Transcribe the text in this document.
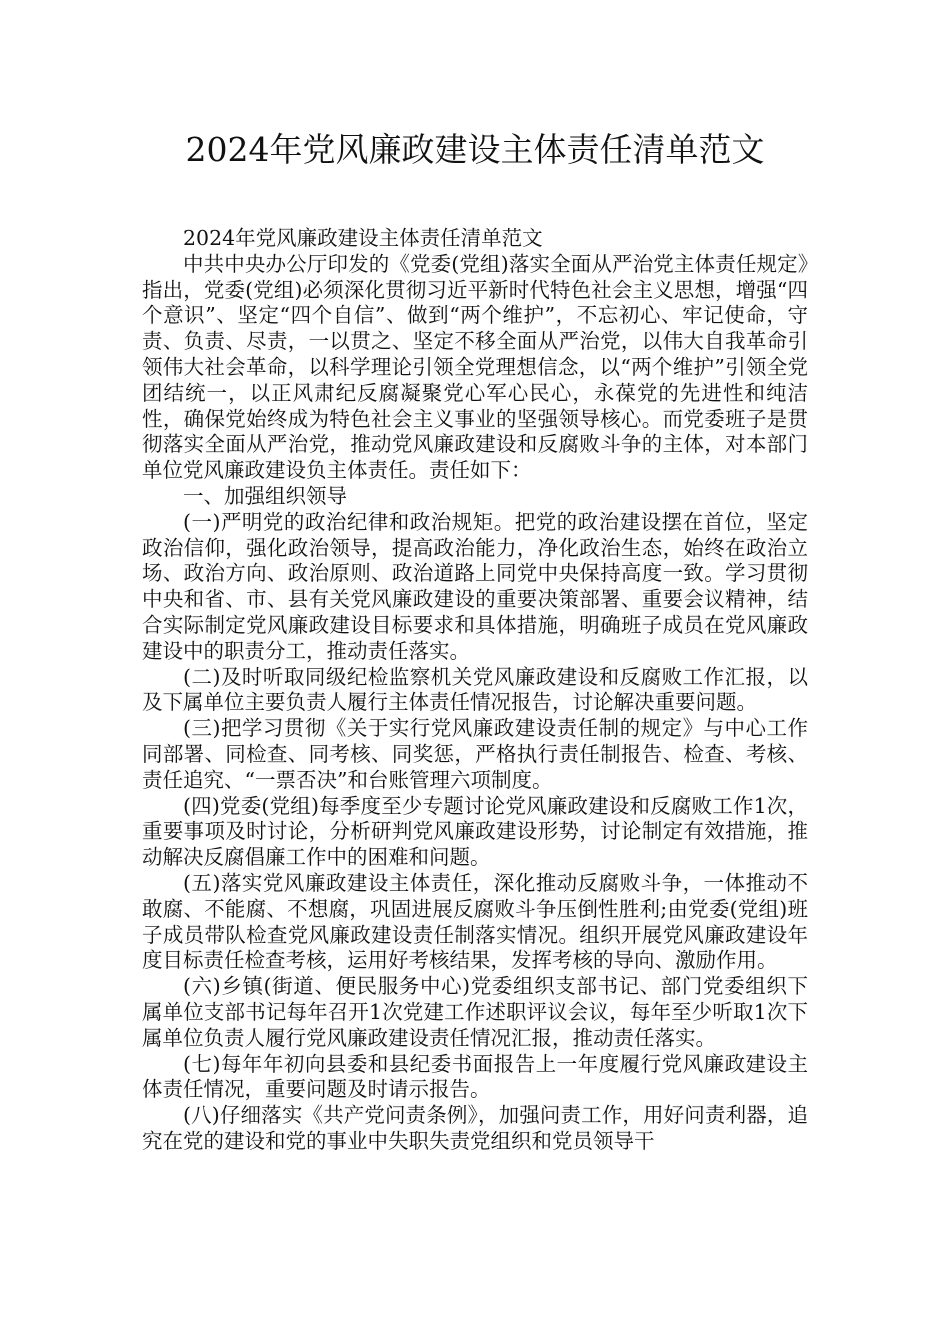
2024年党风廉政建设主体责任清单范文

2024年党风廉政建设主体责任清单范文

中共中央办公厅印发的《党委(党组)落实全面从严治党主体责任规定》指出，党委(党组)必须深化贯彻习近平新时代特色社会主义思想，增强“四个意识”、坚定“四个自信”、做到“两个维护”，不忘初心、牢记使命，守责、负责、尽责，一以贯之、坚定不移全面从严治党，以伟大自我革命引领伟大社会革命，以科学理论引领全党理想信念，以“两个维护”引领全党团结统一，以正风肃纪反腐凝聚党心军心民心，永葆党的先进性和纯洁性，确保党始终成为特色社会主义事业的坚强领导核心。而党委班子是贯彻落实全面从严治党，推动党风廉政建设和反腐败斗争的主体，对本部门单位党风廉政建设负主体责任。责任如下：

一、加强组织领导

(一)严明党的政治纪律和政治规矩。把党的政治建设摆在首位，坚定政治信仰，强化政治领导，提高政治能力，净化政治生态，始终在政治立场、政治方向、政治原则、政治道路上同党中央保持高度一致。学习贯彻中央和省、市、县有关党风廉政建设的重要决策部署、重要会议精神，结合实际制定党风廉政建设目标要求和具体措施，明确班子成员在党风廉政建设中的职责分工，推动责任落实。

(二)及时听取同级纪检监察机关党风廉政建设和反腐败工作汇报，以及下属单位主要负责人履行主体责任情况报告，讨论解决重要问题。

(三)把学习贯彻《关于实行党风廉政建设责任制的规定》与中心工作同部署、同检查、同考核、同奖惩，严格执行责任制报告、检查、考核、责任追究、“一票否决”和台账管理六项制度。

(四)党委(党组)每季度至少专题讨论党风廉政建设和反腐败工作1次，重要事项及时讨论，分析研判党风廉政建设形势，讨论制定有效措施，推动解决反腐倡廉工作中的困难和问题。

(五)落实党风廉政建设主体责任，深化推动反腐败斗争，一体推动不敢腐、不能腐、不想腐，巩固进展反腐败斗争压倒性胜利;由党委(党组)班子成员带队检查党风廉政建设责任制落实情况。组织开展党风廉政建设年度目标责任检查考核，运用好考核结果，发挥考核的导向、激励作用。

(六)乡镇(街道、便民服务中心)党委组织支部书记、部门党委组织下属单位支部书记每年召开1次党建工作述职评议会议，每年至少听取1次下属单位负责人履行党风廉政建设责任情况汇报，推动责任落实。

(七)每年年初向县委和县纪委书面报告上一年度履行党风廉政建设主体责任情况，重要问题及时请示报告。

(八)仔细落实《共产党问责条例》，加强问责工作，用好问责利器，追究在党的建设和党的事业中失职失责党组织和党员领导干
